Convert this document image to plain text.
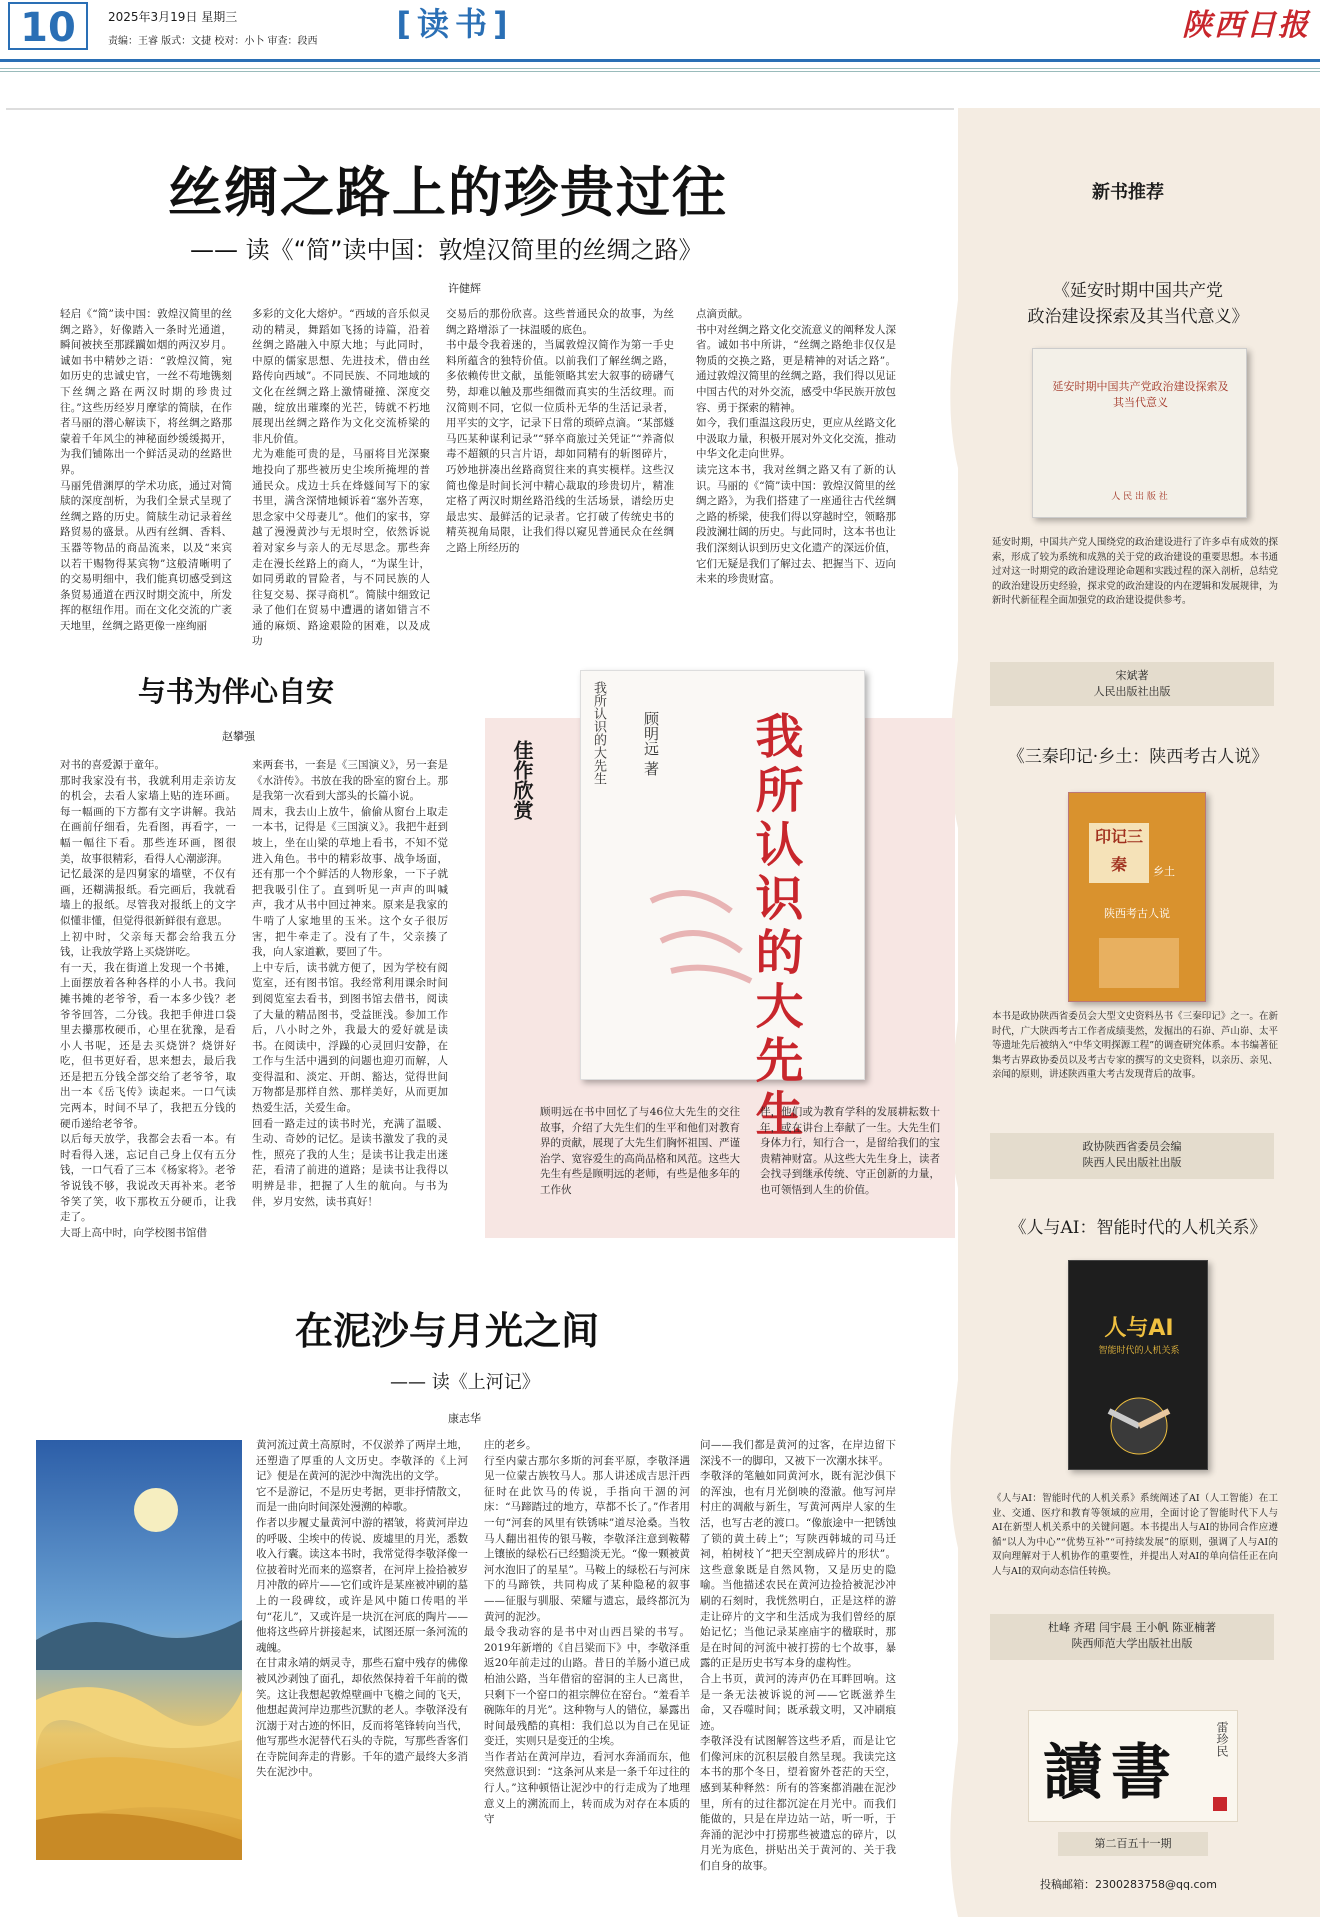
10	2025年3月19日 星期三
责编：王睿 版式：文捷 校对：小卜 审查：段西	[读书]	陕西日报
丝绸之路上的珍贵过往
—— 读《“简”读中国：敦煌汉简里的丝绸之路》
许健辉
轻启《“简”读中国：敦煌汉简里的丝绸之路》，好像踏入一条时光通道，瞬间被挟至那蹂躏如烟的两汉岁月。诚如书中精妙之语：“敦煌汉简，宛如历史的忠诚史官，一丝不苟地镌刻下丝绸之路在两汉时期的珍贵过往。”这些历经岁月摩挲的简牍，在作者马丽的潜心解读下，将丝绸之路那蒙着千年风尘的神秘面纱缓缓揭开，为我们铺陈出一个鲜活灵动的丝路世界。
马丽凭借渊厚的学术功底，通过对简牍的深度剖析，为我们全景式呈现了丝绸之路的历史。简牍生动记录着丝路贸易的盛景。从西有丝绸、香料、玉器等物品的商品流来，以及“来宾以若干赐物得某宾物”这般清晰明了的交易明细中，我们能真切感受到这条贸易通道在西汉时期交流中，所发挥的枢纽作用。而在文化交流的广袤天地里，丝绸之路更像一座绚丽
多彩的文化大熔炉。“西域的音乐似灵动的精灵，舞蹈如飞扬的诗篇，沿着丝绸之路融入中原大地；与此同时，中原的儒家思想、先进技术，借由丝路传向西域”。不同民族、不同地域的文化在丝绸之路上激情碰撞、深度交融，绽放出璀璨的光芒，铸就不朽地展现出丝绸之路作为文化交流桥梁的非凡价值。
尤为难能可贵的是，马丽将目光深聚地投向了那些被历史尘埃所掩埋的普通民众。戍边士兵在烽燧间写下的家书里，满含深情地倾诉着“塞外苦寒，思念家中父母妻儿”。他们的家书，穿越了漫漫黄沙与无垠时空，依然诉说着对家乡与亲人的无尽思念。那些奔走在漫长丝路上的商人，“为谋生计，如同勇敢的冒险者，与不同民族的人往复交易、探寻商机”。简牍中细致记录了他们在贸易中遭遇的诸如错言不通的麻烦、路途艰险的困难，以及成功
交易后的那份欣喜。这些普通民众的故事，为丝绸之路增添了一抹温暖的底色。
书中最令我着迷的，当属敦煌汉简作为第一手史料所蕴含的独特价值。以前我们了解丝绸之路，多依赖传世文献，虽能领略其宏大叙事的磅礴气势，却难以触及那些细微而真实的生活纹理。而汉简则不同，它似一位质朴无华的生活记录者，用平实的文字，记录下日常的琐碎点滴。“某部燧马匹某种谋利记录”“驿卒商旅过关凭证”“养斋似毒不超额的只言片语，却如同精有的斩图碎片，巧妙地拼凑出丝路商贸往来的真实模样。这些汉简也像是时间长河中精心裁取的珍贵切片，精准定格了两汉时期丝路沿线的生活场景，谱绘历史最忠实、最鲜活的记录者。它打破了传统史书的精英视角局限，让我们得以窥见普通民众在丝绸之路上所经历的
点滴贡献。
书中对丝绸之路文化交流意义的阐释发人深省。诚如书中所讲，“丝绸之路绝非仅仅是物质的交换之路，更是精神的对话之路”。通过敦煌汉简里的丝绸之路，我们得以见证中国古代的对外交流，感受中华民族开放包容、勇于探索的精神。
如今，我们重温这段历史，更应从丝路文化中汲取力量，积极开展对外文化交流，推动中华文化走向世界。
读完这本书，我对丝绸之路又有了新的认识。马丽的《“简”读中国：敦煌汉简里的丝绸之路》，为我们搭建了一座通往古代丝绸之路的桥梁，使我们得以穿越时空，领略那段波澜壮阔的历史。与此同时，这本书也让我们深刻认识到历史文化遗产的深远价值，它们无疑是我们了解过去、把握当下、迈向未来的珍贵财富。
与书为伴心自安
赵攀强
对书的喜爱源于童年。
那时我家没有书，我就利用走亲访友的机会，去看人家墙上贴的连环画。每一幅画的下方都有文字讲解。我站在画前仔细看，先看图，再看字，一幅一幅往下看。那些连环画，图很美，故事很精彩，看得人心潮澎湃。
记忆最深的是四舅家的墙壁，不仅有画，还糊满报纸。看完画后，我就看墙上的报纸。尽管我对报纸上的文字似懂非懂，但觉得很新鲜很有意思。
上初中时，父亲每天都会给我五分钱，让我放学路上买烧饼吃。
有一天，我在街道上发现一个书摊，上面摆放着各种各样的小人书。我问摊书摊的老爷爷，看一本多少钱？老爷爷回答，二分钱。我把手伸进口袋里去攥那枚硬币，心里在犹豫，是看小人书呢，还是去买烧饼？烧饼好吃，但书更好看，思来想去，最后我还是把五分钱全部交给了老爷爷，取出一本《岳飞传》读起来。一口气读完两本，时间不早了，我把五分钱的硬币递给老爷爷。
以后每天放学，我都会去看一本。有时看得入迷，忘记自己身上仅有五分钱，一口气看了三本《杨家将》。老爷爷说钱不够，我说改天再补来。老爷爷笑了笑，收下那枚五分硬币，让我走了。
大哥上高中时，向学校图书馆借
来两套书，一套是《三国演义》，另一套是《水浒传》。书放在我的卧室的窗台上。那是我第一次看到大部头的长篇小说。
周末，我去山上放牛，偷偷从窗台上取走一本书，记得是《三国演义》。我把牛赶到坡上，坐在山梁的草地上看书，不知不觉进入角色。书中的精彩故事、战争场面，还有那一个个鲜活的人物形象，一下子就把我吸引住了。直到听见一声声的叫喊声，我才从书中回过神来。原来是我家的牛啃了人家地里的玉米。这个女子很厉害，把牛牵走了。没有了牛，父亲揍了我，向人家道歉，要回了牛。
上中专后，读书就方便了，因为学校有阅览室，还有图书馆。我经常利用课余时间到阅览室去看书，到图书馆去借书，阅读了大量的精品图书，受益匪浅。参加工作后，八小时之外，我最大的爱好就是读书。在阅读中，浮躁的心灵回归安静，在工作与生活中遇到的问题也迎刃而解，人变得温和、淡定、开朗、豁达，觉得世间万物都是那样自然、那样美好，从而更加热爱生活，关爱生命。
回看一路走过的读书时光，充满了温暖、生动、奇妙的记忆。是读书激发了我的灵性，照亮了我的人生；是读书让我走出迷茫，看清了前进的道路；是读书让我得以明辨是非，把握了人生的航向。与书为伴，岁月安然，读书真好！
佳作欣赏	我所认识的大先生 顾明远 著 我所认识的大先生
顾明远在书中回忆了与46位大先生的交往故事，介绍了大先生们的生平和他们对教育界的贡献，展现了大先生们胸怀祖国、严谨治学、宽容爱生的高尚品格和风范。这些大先生有些是顾明远的老师，有些是他多年的工作伙
伴，他们或为教育学科的发展耕耘数十年，或在讲台上奉献了一生。大先生们身体力行，知行合一，是留给我们的宝贵精神财富。从这些大先生身上，读者会找寻到继承传统、守正创新的力量，也可领悟到人生的价值。
在泥沙与月光之间
—— 读《上河记》
康志华
©新图网
黄河流过黄土高原时，不仅淤养了两岸土地，还塑造了厚重的人文历史。李敬泽的《上河记》便是在黄河的泥沙中淘洗出的文学。
它不是游记，不是历史考据，更非抒情散文，而是一曲向时间深处漫溯的棹歌。
作者以步履丈量黄河中游的褶皱，将黄河岸边的呼吸、尘埃中的传说、废墟里的月光，悉数收入行囊。读这本书时，我常觉得李敬泽像一位披着时光而来的巡察者，在河岸上捡拾被岁月冲散的碎片——它们或许是某座被冲刷的墓上的一段碑纹，或许是风中随口传唱的半句“花儿”，又或许是一块沉在河底的陶片——他将这些碎片拼接起来，试图还原一条河流的魂魄。
在甘肃永靖的炳灵寺，那些石窟中残存的佛像被风沙剥蚀了面孔，却依然保持着千年前的微笑。这让我想起敦煌壁画中飞檐之间的飞天，他想起黄河岸边那些沉默的老人。李敬泽没有沉溺于对古迹的怀旧，反而将笔锋转向当代，他写那些水泥替代石头的寺院，写那些香客们在寺院间奔走的背影。千年的遗产最终大多消失在泥沙中。
庄的老乡。
行至内蒙古那尔多斯的河套平原，李敬泽遇见一位蒙古族牧马人。那人讲述成吉思汗西征时在此饮马的传说，手指向干涸的河床：“马蹄踏过的地方，草都不长了。”作者用一句“河套的风里有铁锈味”道尽沧桑。当牧马人翻出祖传的银马鞍，李敬泽注意到鞍鞯上镶嵌的绿松石已经黯淡无光。“像一颗被黄河水泡旧了的星星”。马鞍上的绿松石与河床下的马蹄铁，共同构成了某种隐秘的叙事——征服与驯服、荣耀与遗忘，最终都沉为黄河的泥沙。
最令我动容的是书中对山西吕梁的书写。2019年新增的《自吕梁而下》中，李敬泽重返20年前走过的山路。昔日的羊肠小道已成柏油公路，当年借宿的窑洞的主人已离世，只剩下一个窑口的祖宗牌位在窑台。“羞看羊碗陈年的月光”。这种物与人的错位，暴露出时间最残酷的真相：我们总以为自己在见证变迁，实则只是变迁的尘埃。
当作者站在黄河岸边，看河水奔涌而东，他突然意识到：“这条河从来是一条千年过往的行人。”这种顿悟让泥沙中的行走成为了地理意义上的溯流而上，转而成为对存在本质的守
问——我们都是黄河的过客，在岸边留下深浅不一的脚印，又被下一次潮水抹平。
李敬泽的笔触如同黄河水，既有泥沙俱下的浑浊，也有月光倒映的澄澈。他写河岸村庄的凋敝与新生，写黄河两岸人家的生活，也写古老的渡口。“像旅途中一把锈蚀了锁的黄土砖上”；写陕西韩城的司马迁祠，柏树枝丫“把天空割成碎片的形状”。这些意象既是自然风物，又是历史的隐喻。当他描述农民在黄河边捡拾被泥沙冲刷的石刻时，我恍然明白，正是这样的游走让碎片的文字和生活成为我们曾经的原始记忆；当他记录某座庙宇的楹联时，那是在时间的河流中被打捞的七个故事，暴露的正是历史书写本身的虚构性。
合上书页，黄河的涛声仍在耳畔回响。这是一条无法被诉说的河——它既滋养生命，又吞噬时间；既承载文明，又冲刷痕迹。
李敬泽没有试图解答这些矛盾，而是让它们像河床的沉积层般自然呈现。我读完这本书的那个冬日，望着窗外苍茫的天空，感到某种释然：所有的答案都消融在泥沙里，所有的过往都沉淀在月光中。而我们能做的，只是在岸边站一站，听一听，于奔涌的泥沙中打捞那些被遗忘的碎片，以月光为底色，拼贴出关于黄河的、关于我们自身的故事。
新书推荐
《延安时期中国共产党
政治建设探索及其当代意义》
延安时期中国共产党政治建设探索及其当代意义
人 民 出 版 社
延安时期，中国共产党人围绕党的政治建设进行了许多卓有成效的探索，形成了较为系统和成熟的关于党的政治建设的重要思想。本书通过对这一时期党的政治建设理论命题和实践过程的深入剖析，总结党的政治建设历史经验，探求党的政治建设的内在逻辑和发展规律，为新时代新征程全面加强党的政治建设提供参考。
宋斌著
人民出版社出版
《三秦印记·乡土：陕西考古人说》
印记三秦	乡土
陕西考古人说
本书是政协陕西省委员会大型文史资料丛书《三秦印记》之一。在新时代，广大陕西考古工作者成绩斐然，发掘出的石峁、芦山峁、太平等遗址先后被纳入“中华文明探源工程”的调查研究体系。本书编著征集考古界政协委员以及考古专家的撰写的文史资料，以亲历、亲见、亲闻的原则，讲述陕西重大考古发现背后的故事。
政协陕西省委员会编
陕西人民出版社出版
《人与AI：智能时代的人机关系》
人与AI
智能时代的人机关系
《人与AI：智能时代的人机关系》系统阐述了AI（人工智能）在工业、交通、医疗和教育等领域的应用，全面讨论了智能时代下人与AI在新型人机关系中的关键问题。本书提出人与AI的协同合作应遵循“以人为中心”“优势互补”“可持续发展”的原则，强调了人与AI的双向理解对于人机协作的重要性，并提出人对AI的单向信任正在向人与AI的双向动态信任转换。
杜峰 齐珺 闫宇晨 王小帆 陈亚楠著
陕西师范大学出版社出版
讀書	雷珍民
第二百五十一期
投稿邮箱：2300283758@qq.com
